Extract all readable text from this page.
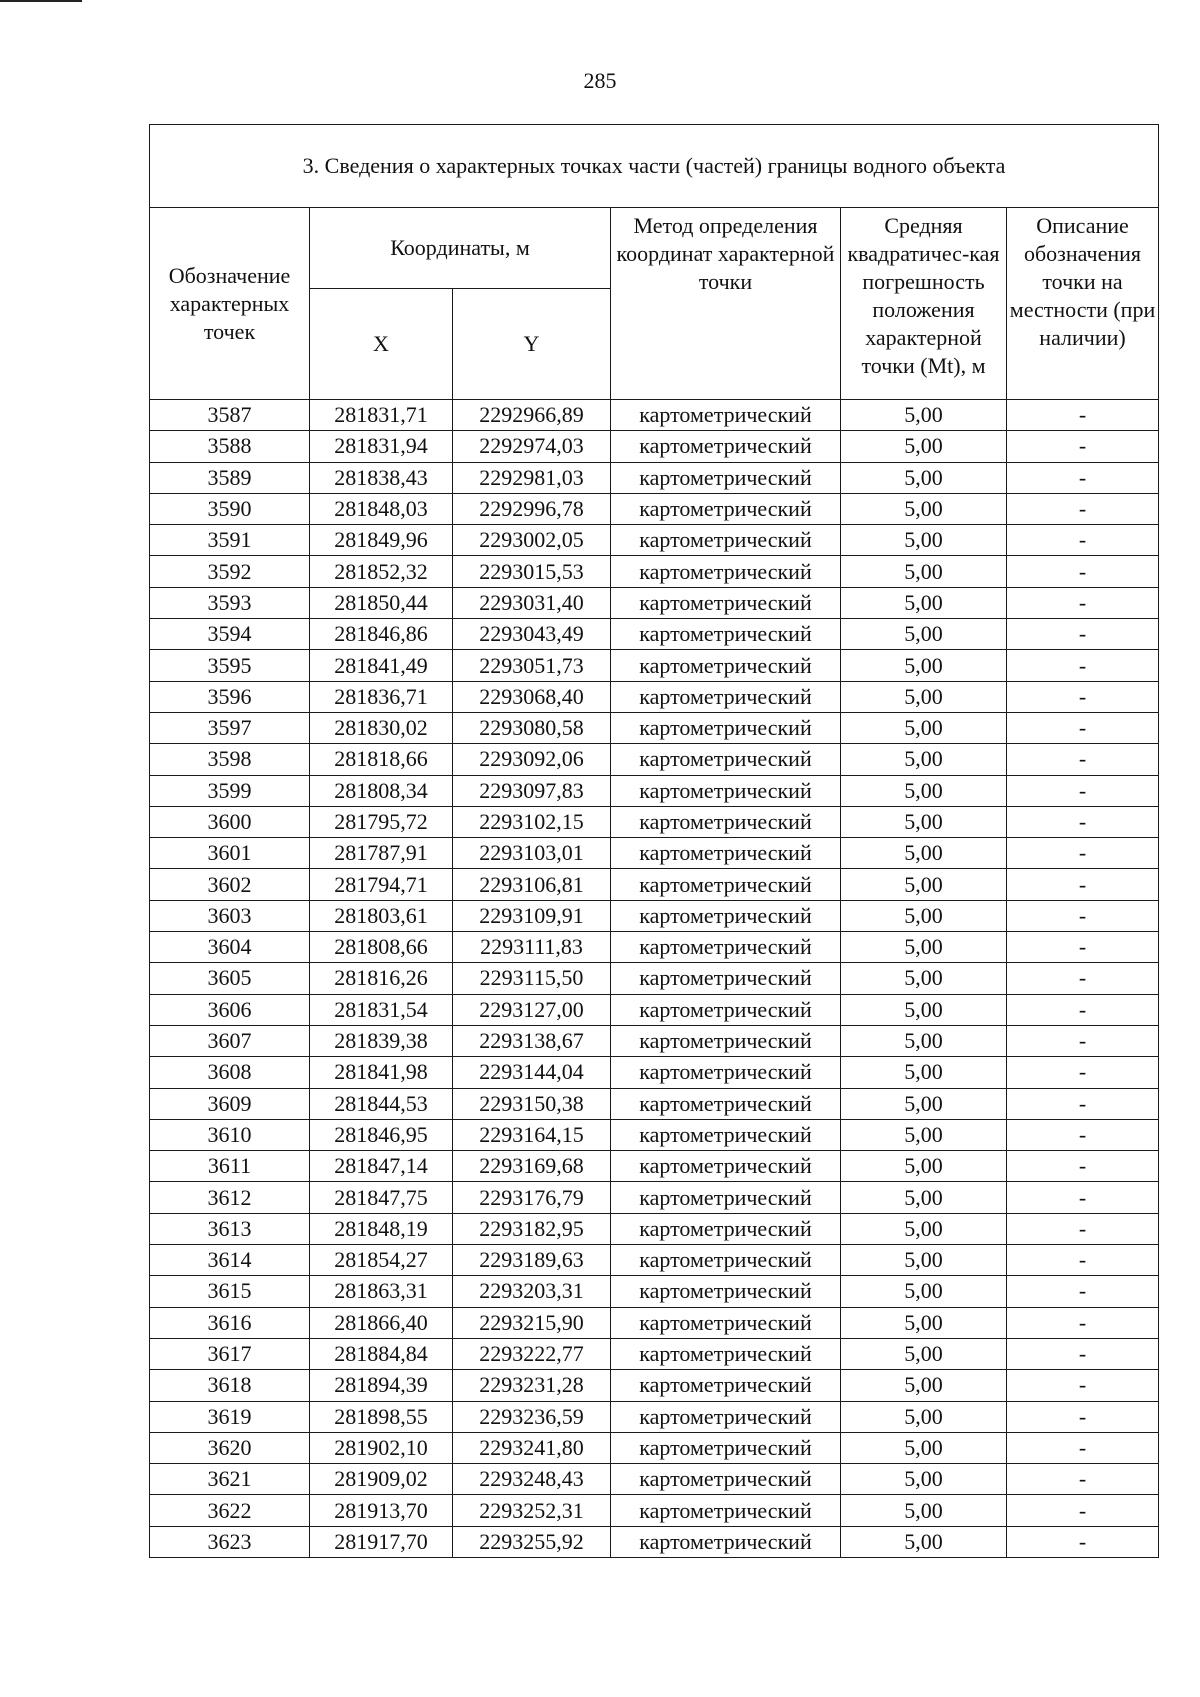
285
3. Сведения о характерных точках части (частей) границы водного объекта					
Обозначение характерных точек	Координаты, м		Метод определения координат характерной точки	Средняя квадратичес-кая погрешность положения характерной точки (Mt), м	Описание обозначения точки на местности (при наличии)
	X	Y			
3587	281831,71	2292966,89	картометрический	5,00	-
3588	281831,94	2292974,03	картометрический	5,00	-
3589	281838,43	2292981,03	картометрический	5,00	-
3590	281848,03	2292996,78	картометрический	5,00	-
3591	281849,96	2293002,05	картометрический	5,00	-
3592	281852,32	2293015,53	картометрический	5,00	-
3593	281850,44	2293031,40	картометрический	5,00	-
3594	281846,86	2293043,49	картометрический	5,00	-
3595	281841,49	2293051,73	картометрический	5,00	-
3596	281836,71	2293068,40	картометрический	5,00	-
3597	281830,02	2293080,58	картометрический	5,00	-
3598	281818,66	2293092,06	картометрический	5,00	-
3599	281808,34	2293097,83	картометрический	5,00	-
3600	281795,72	2293102,15	картометрический	5,00	-
3601	281787,91	2293103,01	картометрический	5,00	-
3602	281794,71	2293106,81	картометрический	5,00	-
3603	281803,61	2293109,91	картометрический	5,00	-
3604	281808,66	2293111,83	картометрический	5,00	-
3605	281816,26	2293115,50	картометрический	5,00	-
3606	281831,54	2293127,00	картометрический	5,00	-
3607	281839,38	2293138,67	картометрический	5,00	-
3608	281841,98	2293144,04	картометрический	5,00	-
3609	281844,53	2293150,38	картометрический	5,00	-
3610	281846,95	2293164,15	картометрический	5,00	-
3611	281847,14	2293169,68	картометрический	5,00	-
3612	281847,75	2293176,79	картометрический	5,00	-
3613	281848,19	2293182,95	картометрический	5,00	-
3614	281854,27	2293189,63	картометрический	5,00	-
3615	281863,31	2293203,31	картометрический	5,00	-
3616	281866,40	2293215,90	картометрический	5,00	-
3617	281884,84	2293222,77	картометрический	5,00	-
3618	281894,39	2293231,28	картометрический	5,00	-
3619	281898,55	2293236,59	картометрический	5,00	-
3620	281902,10	2293241,80	картометрический	5,00	-
3621	281909,02	2293248,43	картометрический	5,00	-
3622	281913,70	2293252,31	картометрический	5,00	-
3623	281917,70	2293255,92	картометрический	5,00	-
